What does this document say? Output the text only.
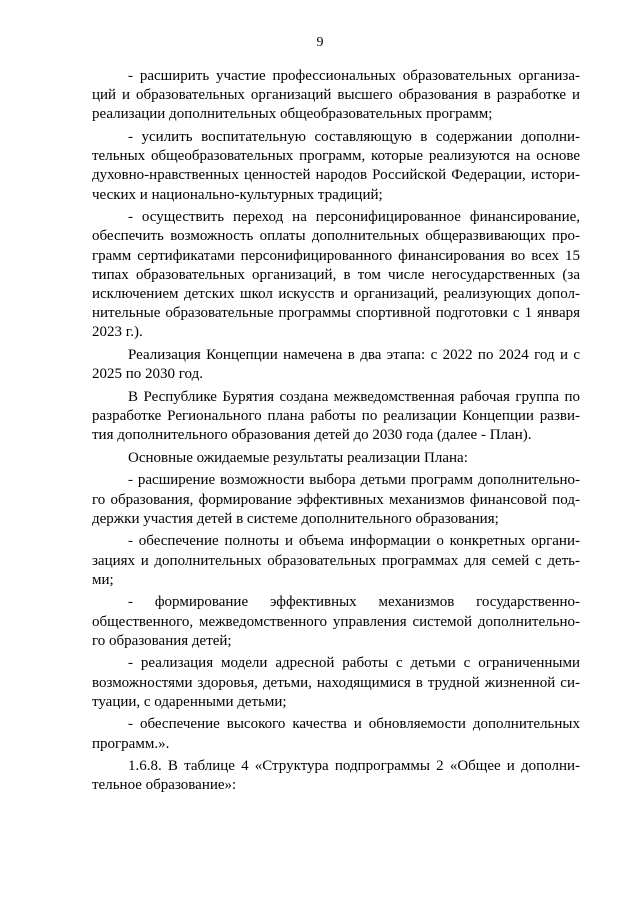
9

- расширить участие профессиональных образовательных организа-ций и образовательных организаций высшего образования в разработке и реализации дополнительных общеобразовательных программ;

- усилить воспитательную составляющую в содержании дополни-тельных общеобразовательных программ, которые реализуются на основе духовно-нравственных ценностей народов Российской Федерации, истори-ческих и национально-культурных традиций;

- осуществить переход на персонифицированное финансирование, обеспечить возможность оплаты дополнительных общеразвивающих про-грамм сертификатами персонифицированного финансирования во всех 15 типах образовательных организаций, в том числе негосударственных (за исключением детских школ искусств и организаций, реализующих допол-нительные образовательные программы спортивной подготовки с 1 января 2023 г.).

Реализация Концепции намечена в два этапа: с 2022 по 2024 год и с 2025 по 2030 год.

В Республике Бурятия создана межведомственная рабочая группа по разработке Регионального плана работы по реализации Концепции разви-тия дополнительного образования детей до 2030 года (далее - План).

Основные ожидаемые результаты реализации Плана:

- расширение возможности выбора детьми программ дополнительно-го образования, формирование эффективных механизмов финансовой под-держки участия детей в системе дополнительного образования;

- обеспечение полноты и объема информации о конкретных органи-зациях и дополнительных образовательных программах для семей с деть-ми;

- формирование эффективных механизмов государственно-общественного, межведомственного управления системой дополнительно-го образования детей;

- реализация модели адресной работы с детьми с ограниченными возможностями здоровья, детьми, находящимися в трудной жизненной си-туации, с одаренными детьми;

- обеспечение высокого качества и обновляемости дополнительных программ.».

1.6.8. В таблице 4 «Структура подпрограммы 2 «Общее и дополни-тельное образование»:
